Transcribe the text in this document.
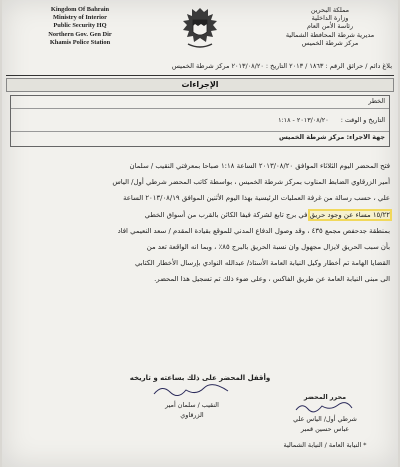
Kingdom Of Bahrain
Ministry of Interior
Public Security HQ
Northern Gov. Gen Dir
Khamis Police Station
مملكة البحرين
وزارة الداخلية
رئاسة الأمن العام
مديرية شرطة المحافظة الشمالية
مركز شرطة الخميس
بلاغ دائم / حرائق الرقم : ١٨٦٣ / ٢٠١٣ التاريخ : ٢٠١٣/٠٨/٢٠ مركز شرطة الخميس
الإجراءات
الخطر
التاريخ و الوقت : ٢٠١٣/٠٨/٢٠ - ١:١٨
جهة الاجراء: مركز شرطة الخميس
فتح المحضر اليوم الثلاثاء الموافق ٢٠١٣/٠٨/٢٠ الساعة ١:١٨ صباحا بمعرفتي النقيب / سلمان
أمير الزرقاوي الضابط المناوب بمركز شرطة الخميس ، بواسطة كاتب المحضر شرطي أول/ الياس
علي ، حسب رسالة من غرفة العمليات الرئيسية بهذا اليوم الأثنين الموافق ٢٠١٣/٠٨/١٩ الساعة
١٥/٢٢ مساء عن وجود حريق في برج تابع لشركة فيفا الكائن بالقرب من أسواق الخطي
بمنطقة جدحفص مجمع ٤٣٥ ، وقد وصول الدفاع المدني للموقع بقيادة المقدم / سعد النعيمي افاد
بأن سبب الحريق لايزال مجهول وان نسبة الحريق بالبرج ٨٥٪ ، وبما انه الواقعة تعد من
القضايا الهامة تم أخطار وكيل النيابة العامة الأستاذ/ عبدالله النوادي بإرسال الأخطار الكتابي
الى مبنى النيابة العامة عن طريق الفاكس ، وعلى ضوء ذلك تم تسجيل هذا المحضر.
وأقفل المحضر على ذلك بساعته و تاريخه
النقيب / سلمان أمير
الزرقاوي
محرر المحضر
شرطي أول/ الياس علي
عباس حسين قمبر
* النيابة العامة / النيابة الشمالية
